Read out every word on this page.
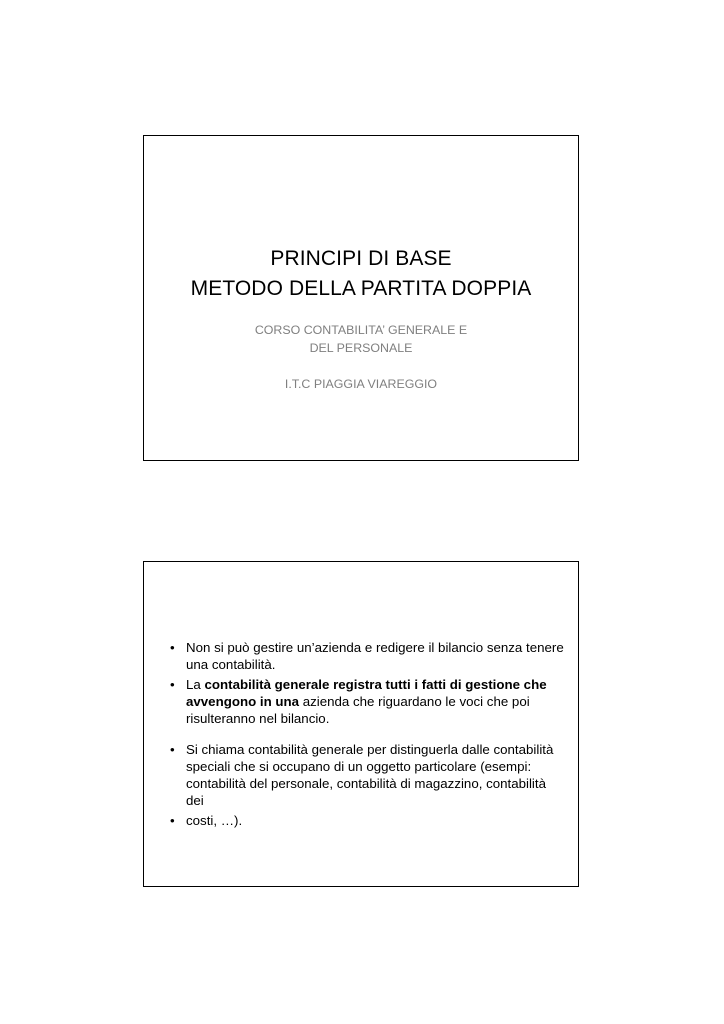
PRINCIPI DI BASE
METODO DELLA PARTITA DOPPIA
CORSO CONTABILITA’ GENERALE E
DEL PERSONALE
I.T.C PIAGGIA VIAREGGIO
• Non si può gestire un’azienda e redigere il bilancio senza tenere una contabilità.
• La contabilità generale registra tutti i fatti di gestione che avvengono in una azienda che riguardano le voci che poi risulteranno nel bilancio.
• Si chiama contabilità generale per distinguerla dalle contabilità speciali che si occupano di un oggetto particolare (esempi: contabilità del personale, contabilità di magazzino, contabilità dei
• costi, …).
